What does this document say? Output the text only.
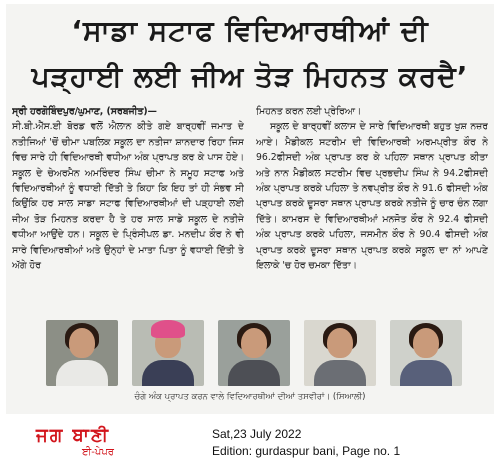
‘ਸਾਡਾ ਸਟਾਫ ਵਿਦਿਆਰਥੀਆਂ ਦੀ
ਪੜ੍ਹਾਈ ਲਈ ਜੀਅ ਤੋੜ ਮਿਹਨਤ ਕਰਦੈ’

ਸ੍ਰੀ ਹਰਗੋਬਿੰਦਪੁਰ/ਘੁਮਾਣ, (ਸਰਬਜੀਤ)—

ਸੀ.ਬੀ.ਐੱਸ.ਈ ਬੋਰਡ ਵਲੋਂ ਐਲਾਨ ਕੀਤੇ ਗਏ ਬਾਰ੍ਹਵੀਂ ਜਮਾਤ ਦੇ ਨਤੀਜਿਆਂ 'ਚੋਂ ਚੀਮਾ ਪਬਲਿਕ ਸਕੂਲ ਦਾ ਨਤੀਜਾ ਸ਼ਾਨਦਾਰ ਰਿਹਾ ਜਿਸ ਵਿਚ ਸਾਰੇ ਹੀ ਵਿਦਿਆਰਥੀ ਵਧੀਆ ਅੰਕ ਪ੍ਰਾਪਤ ਕਰ ਕੇ ਪਾਸ ਹੋਏ। ਸਕੂਲ ਦੇ ਚੇਅਰਮੈਨ ਅਮਰਿੰਦਰ ਸਿੰਘ ਚੀਮਾ ਨੇ ਸਮੂਹ ਸਟਾਫ ਅਤੇ ਵਿਦਿਆਰਥੀਆਂ ਨੂੰ ਵਧਾਈ ਦਿੱਤੀ ਤੇ ਕਿਹਾ ਕਿ ਇਹ ਤਾਂ ਹੀ ਸੰਭਵ ਸੀ ਕਿਉਂਕਿ ਹਰ ਸਾਲ ਸਾਡਾ ਸਟਾਫ ਵਿਦਿਆਰਥੀਆਂ ਦੀ ਪੜ੍ਹਾਈ ਲਈ ਜੀਅ ਤੋੜ ਮਿਹਨਤ ਕਰਦਾ ਹੈ ਤੇ ਹਰ ਸਾਲ ਸਾਡੇ ਸਕੂਲ ਦੇ ਨਤੀਜੇ ਵਧੀਆ ਆਉਂਦੇ ਹਨ। ਸਕੂਲ ਦੇ ਪ੍ਰਿੰਸੀਪਲ ਡਾ. ਮਨਦੀਪ ਕੌਰ ਨੇ ਵੀ ਸਾਰੇ ਵਿਦਿਆਰਥੀਆਂ ਅਤੇ ਉਨ੍ਹਾਂ ਦੇ ਮਾਤਾ ਪਿਤਾ ਨੂੰ ਵਧਾਈ ਦਿੱਤੀ ਤੇ ਅੱਗੇ ਹੋਰ

ਮਿਹਨਤ ਕਰਨ ਲਈ ਪ੍ਰੇਰਿਆ।

ਸਕੂਲ ਦੇ ਬਾਰ੍ਹਵੀਂ ਕਲਾਸ ਦੇ ਸਾਰੇ ਵਿਦਿਆਰਥੀ ਬਹੁਤ ਖੁਸ਼ ਨਜ਼ਰ ਆਏ। ਮੈਡੀਕਲ ਸਟਰੀਮ ਦੀ ਵਿਦਿਆਰਥੀ ਅਰਮਪ੍ਰੀਤ ਕੌਰ ਨੇ 96.2ਫੀਸਦੀ ਅੰਕ ਪ੍ਰਾਪਤ ਕਰ ਕੇ ਪਹਿਲਾ ਸਥਾਨ ਪ੍ਰਾਪਤ ਕੀਤਾ ਅਤੇ ਨਾਨ ਮੈਡੀਕਲ ਸਟਰੀਮ ਵਿਚ ਪ੍ਰਭਦੀਪ ਸਿੰਘ ਨੇ 94.2ਫੀਸਦੀ ਅੰਕ ਪ੍ਰਾਪਤ ਕਰਕੇ ਪਹਿਲਾ ਤੇ ਨਵਪ੍ਰੀਤ ਕੌਰ ਨੇ 91.6 ਫੀਸਦੀ ਅੰਕ ਪ੍ਰਾਪਤ ਕਰਕੇ ਦੂਸਰਾ ਸਥਾਨ ਪ੍ਰਾਪਤ ਕਰਕੇ ਨਤੀਜੇ ਨੂੰ ਚਾਰ ਚੰਨ ਲਗਾ ਦਿੱਤੇ। ਕਾਮਰਸ ਦੇ ਵਿਦਿਆਰਥੀਆਂ ਮਨਜੋਤ ਕੌਰ ਨੇ 92.4 ਫੀਸਦੀ ਅੰਕ ਪ੍ਰਾਪਤ ਕਰਕੇ ਪਹਿਲਾ, ਜਸਮੀਨ ਕੌਰ ਨੇ 90.4 ਫੀਸਦੀ ਅੰਕ ਪ੍ਰਾਪਤ ਕਰਕੇ ਦੂਸਰਾ ਸਥਾਨ ਪ੍ਰਾਪਤ ਕਰਕੇ ਸਕੂਲ ਦਾ ਨਾਂ ਆਪਣੇ ਇਲਾਕੇ 'ਚ ਹੋਰ ਚਮਕਾ ਦਿੱਤਾ।

ਚੰਗੇ ਅੰਕ ਪ੍ਰਾਪਤ ਕਰਨ ਵਾਲੇ ਵਿਦਿਆਰਥੀਆਂ ਦੀਆਂ ਤਸਵੀਰਾਂ। (ਸਿਆਲੀ)
ਜਗ ਬਾਣੀ
ਈ-ਪੇਪਰ
Sat,23 July 2022
Edition: gurdaspur bani, Page no. 1
